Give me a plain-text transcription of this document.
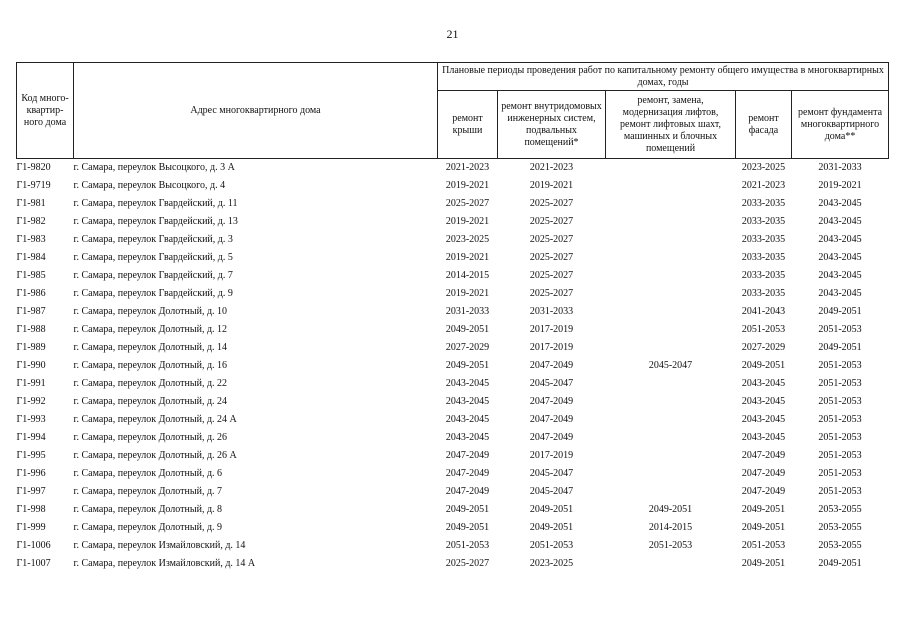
21
Код много-квартир-ного дома	Адрес многоквартирного дома	Плановые периоды проведения работ по капитальному ремонту общего имущества в многоквартирных домах, годы				
		ремонт крыши	ремонт внутридомовых инженерных систем, подвальных помещений*	ремонт, замена, модернизация лифтов, ремонт лифтовых шахт, машинных и блочных помещений	ремонт фасада	ремонт фундамента многоквартирного дома**
Г1-9820	г. Самара, переулок Высоцкого, д. 3 А	2021-2023	2021-2023		2023-2025	2031-2033
Г1-9719	г. Самара, переулок Высоцкого, д. 4	2019-2021	2019-2021		2021-2023	2019-2021
Г1-981	г. Самара, переулок Гвардейский, д. 11	2025-2027	2025-2027		2033-2035	2043-2045
Г1-982	г. Самара, переулок Гвардейский, д. 13	2019-2021	2025-2027		2033-2035	2043-2045
Г1-983	г. Самара, переулок Гвардейский, д. 3	2023-2025	2025-2027		2033-2035	2043-2045
Г1-984	г. Самара, переулок Гвардейский, д. 5	2019-2021	2025-2027		2033-2035	2043-2045
Г1-985	г. Самара, переулок Гвардейский, д. 7	2014-2015	2025-2027		2033-2035	2043-2045
Г1-986	г. Самара, переулок Гвардейский, д. 9	2019-2021	2025-2027		2033-2035	2043-2045
Г1-987	г. Самара, переулок Долотный, д. 10	2031-2033	2031-2033		2041-2043	2049-2051
Г1-988	г. Самара, переулок Долотный, д. 12	2049-2051	2017-2019		2051-2053	2051-2053
Г1-989	г. Самара, переулок Долотный, д. 14	2027-2029	2017-2019		2027-2029	2049-2051
Г1-990	г. Самара, переулок Долотный, д. 16	2049-2051	2047-2049	2045-2047	2049-2051	2051-2053
Г1-991	г. Самара, переулок Долотный, д. 22	2043-2045	2045-2047		2043-2045	2051-2053
Г1-992	г. Самара, переулок Долотный, д. 24	2043-2045	2047-2049		2043-2045	2051-2053
Г1-993	г. Самара, переулок Долотный, д. 24 А	2043-2045	2047-2049		2043-2045	2051-2053
Г1-994	г. Самара, переулок Долотный, д. 26	2043-2045	2047-2049		2043-2045	2051-2053
Г1-995	г. Самара, переулок Долотный, д. 26 А	2047-2049	2017-2019		2047-2049	2051-2053
Г1-996	г. Самара, переулок Долотный, д. 6	2047-2049	2045-2047		2047-2049	2051-2053
Г1-997	г. Самара, переулок Долотный, д. 7	2047-2049	2045-2047		2047-2049	2051-2053
Г1-998	г. Самара, переулок Долотный, д. 8	2049-2051	2049-2051	2049-2051	2049-2051	2053-2055
Г1-999	г. Самара, переулок Долотный, д. 9	2049-2051	2049-2051	2014-2015	2049-2051	2053-2055
Г1-1006	г. Самара, переулок Измайловский, д. 14	2051-2053	2051-2053	2051-2053	2051-2053	2053-2055
Г1-1007	г. Самара, переулок Измайловский, д. 14 А	2025-2027	2023-2025		2049-2051	2049-2051
